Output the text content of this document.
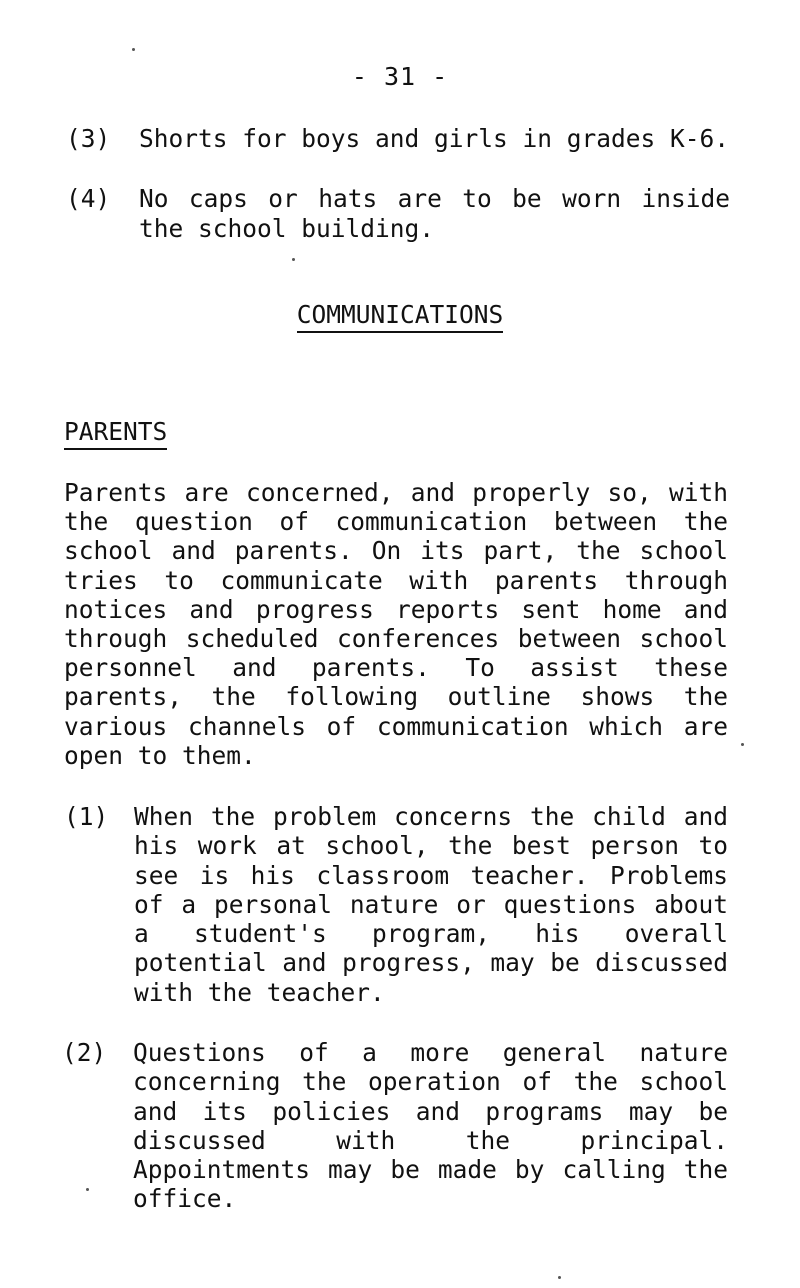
- 31 -
(3) Shorts for boys and girls in grades K-6.
(4) No caps or hats are to be worn inside the school building.
COMMUNICATIONS
PARENTS
Parents are concerned, and properly so, with the question of communication between the school and parents. On its part, the school tries to communicate with parents through notices and progress reports sent home and through scheduled conferences between school personnel and parents. To assist these parents, the following outline shows the various channels of communication which are open to them.
(1) When the problem concerns the child and his work at school, the best person to see is his classroom teacher. Problems of a personal nature or questions about a student's program, his overall potential and progress, may be discussed with the teacher.
(2) Questions of a more general nature concerning the operation of the school and its policies and programs may be discussed with the principal. Appointments may be made by calling the office.
